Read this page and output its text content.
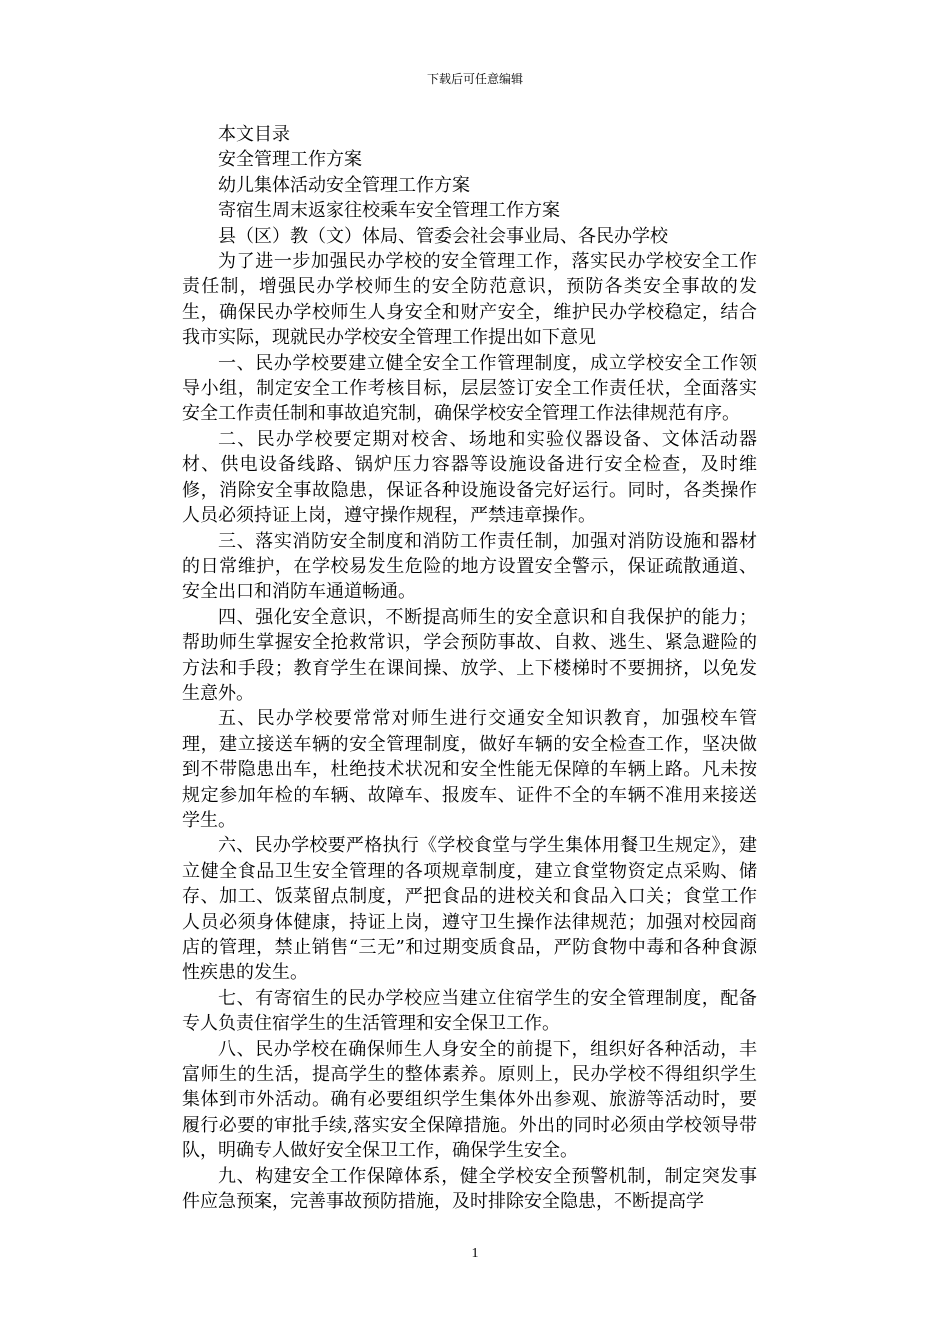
下载后可任意编辑

本文目录

安全管理工作方案

幼儿集体活动安全管理工作方案

寄宿生周末返家往校乘车安全管理工作方案

县（区）教（文）体局、管委会社会事业局、各民办学校

为了进一步加强民办学校的安全管理工作，落实民办学校安全工作责任制，增强民办学校师生的安全防范意识，预防各类安全事故的发生，确保民办学校师生人身安全和财产安全，维护民办学校稳定，结合我市实际，现就民办学校安全管理工作提出如下意见

一、民办学校要建立健全安全工作管理制度，成立学校安全工作领导小组，制定安全工作考核目标，层层签订安全工作责任状，全面落实安全工作责任制和事故追究制，确保学校安全管理工作法律规范有序。

二、民办学校要定期对校舍、场地和实验仪器设备、文体活动器材、供电设备线路、锅炉压力容器等设施设备进行安全检查，及时维修，消除安全事故隐患，保证各种设施设备完好运行。同时，各类操作人员必须持证上岗，遵守操作规程，严禁违章操作。

三、落实消防安全制度和消防工作责任制，加强对消防设施和器材的日常维护，在学校易发生危险的地方设置安全警示，保证疏散通道、安全出口和消防车通道畅通。

四、强化安全意识，不断提高师生的安全意识和自我保护的能力；帮助师生掌握安全抢救常识，学会预防事故、自救、逃生、紧急避险的方法和手段；教育学生在课间操、放学、上下楼梯时不要拥挤，以免发生意外。

五、民办学校要常常对师生进行交通安全知识教育，加强校车管理，建立接送车辆的安全管理制度，做好车辆的安全检查工作，坚决做到不带隐患出车，杜绝技术状况和安全性能无保障的车辆上路。凡未按规定参加年检的车辆、故障车、报废车、证件不全的车辆不准用来接送学生。

六、民办学校要严格执行《学校食堂与学生集体用餐卫生规定》，建立健全食品卫生安全管理的各项规章制度，建立食堂物资定点采购、储存、加工、饭菜留点制度，严把食品的进校关和食品入口关；食堂工作人员必须身体健康，持证上岗，遵守卫生操作法律规范；加强对校园商店的管理，禁止销售“三无”和过期变质食品，严防食物中毒和各种食源性疾患的发生。

七、有寄宿生的民办学校应当建立住宿学生的安全管理制度，配备专人负责住宿学生的生活管理和安全保卫工作。

八、民办学校在确保师生人身安全的前提下，组织好各种活动，丰富师生的生活，提高学生的整体素养。原则上，民办学校不得组织学生集体到市外活动。确有必要组织学生集体外出参观、旅游等活动时，要履行必要的审批手续,落实安全保障措施。外出的同时必须由学校领导带队，明确专人做好安全保卫工作，确保学生安全。

九、构建安全工作保障体系，健全学校安全预警机制，制定突发事件应急预案，完善事故预防措施，及时排除安全隐患，不断提高学

1
